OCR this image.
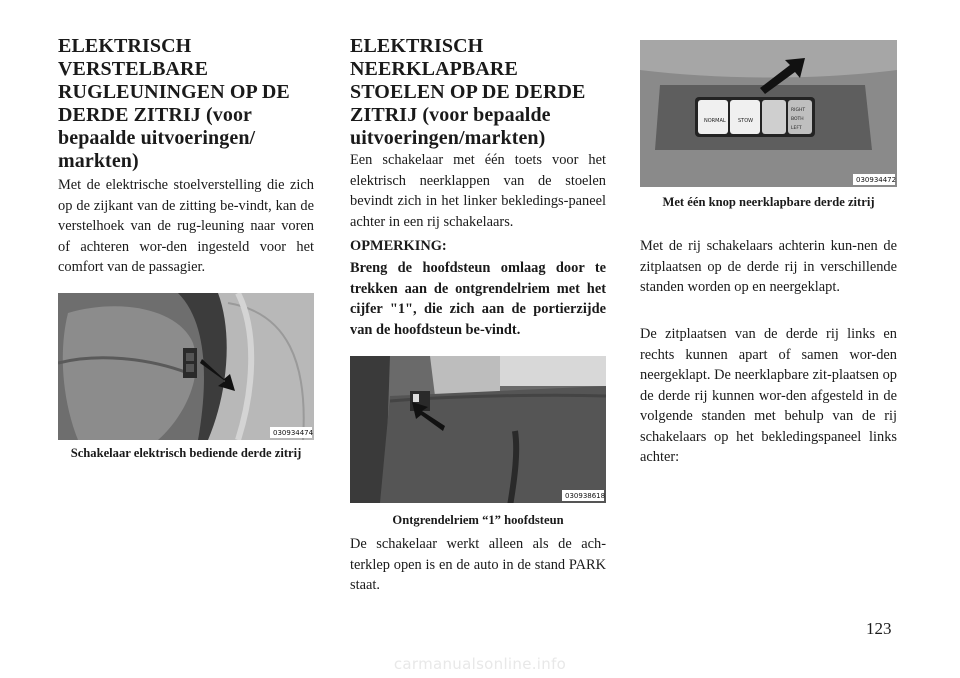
ELEKTRISCH VERSTELBARE RUGLEUNINGEN OP DE DERDE ZITRIJ (voor bepaalde uitvoeringen/ markten)

Met de elektrische stoelverstelling die zich op de zijkant van de zitting be-vindt, kan de verstelhoek van de rug-leuning naar voren of achteren wor-den ingesteld voor het comfort van de passagier.

030934474
Schakelaar elektrisch bediende derde zitrij
ELEKTRISCH NEERKLAPBARE STOELEN OP DE DERDE ZITRIJ (voor bepaalde uitvoeringen/markten)

Een schakelaar met één toets voor het elektrisch neerklappen van de stoelen bevindt zich in het linker bekledings-paneel achter in een rij schakelaars.

OPMERKING:

Breng de hoofdsteun omlaag door te trekken aan de ontgrendelriem met het cijfer "1", die zich aan de portierzijde van de hoofdsteun be-vindt.

030938618
Ontgrendelriem “1” hoofdsteun

De schakelaar werkt alleen als de ach-terklep open is en de auto in de stand PARK staat.

NORMAL STOW
RIGHT
BOTH
LEFT
030934472
Met één knop neerklapbare derde zitrij

Met de rij schakelaars achterin kun-nen de zitplaatsen op de derde rij in verschillende standen worden op en neergeklapt.

De zitplaatsen van de derde rij links en rechts kunnen apart of samen wor-den neergeklapt. De neerklapbare zit-plaatsen op de derde rij kunnen wor-den afgesteld in de volgende standen met behulp van de rij schakelaars op het bekledingspaneel links achter:

123
carmanualsonline.info
